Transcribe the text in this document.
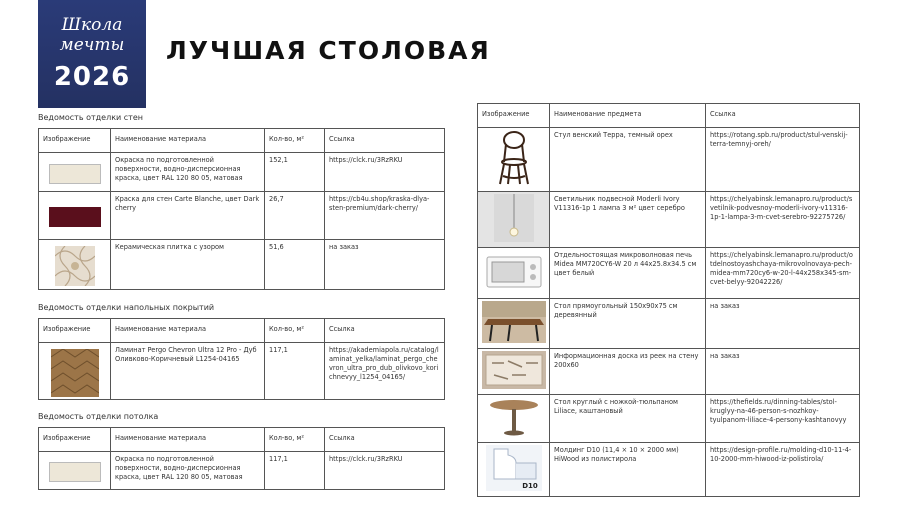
Школа
мечты
2026
ЛУЧШАЯ СТОЛОВАЯ
Ведомость отделки стен
Изображение	Наименование материала	Кол-во, м²	Ссылка

	Окраска по подготовленной поверхности, водно-дисперсионная краска, цвет RAL 120 80 05, матовая	152,1	https://clck.ru/3RzRKU

	Краска для стен Carte Blanche, цвет Dark cherry	26,7	https://cb4u.shop/kraska-dlya-sten-premium/dark-cherry/

	Керамическая плитка с узором	51,6	на заказ
Ведомость отделки напольных покрытий
Изображение	Наименование материала	Кол-во, м²	Ссылка

	Ламинат Pergo Chevron Ultra 12 Pro - Дуб Оливково-Коричневый L1254-04165	117,1	https://akademiapola.ru/catalog/laminat_yelka/laminat_pergo_chevron_ultra_pro_dub_olivkovo_korichnevyy_l1254_04165/
Ведомость отделки потолка
Изображение	Наименование материала	Кол-во, м²	Ссылка

	Окраска по подготовленной поверхности, водно-дисперсионная краска, цвет RAL 120 80 05, матовая	117,1	https://clck.ru/3RzRKU
Изображение	Наименование предмета	Ссылка
	Стул венский Терра, темный орех	https://rotang.spb.ru/product/stul-venskij-terra-temnyj-oreh/
	Светильник подвесной Moderli Ivory V11316-1p 1 лампа 3 м² цвет серебро	https://chelyabinsk.lemanapro.ru/product/svetilnik-podvesnoy-moderli-ivory-v11316-1p-1-lampa-3-m-cvet-serebro-92275726/
	Отдельностоящая микроволновая печь Midea MM720CY6-W 20 л 44x25.8x34.5 см цвет белый	https://chelyabinsk.lemanapro.ru/product/otdelnostoyashchaya-mikrovolnovaya-pech-midea-mm720cy6-w-20-l-44x258x345-sm-cvet-belyy-92042226/
	Стол прямоугольный 150x90x75 см деревянный	на заказ
	Информационная доска из реек на стену 200x60	на заказ
	Стол круглый с ножкой-тюльпаном Liliace, каштановый	https://thefields.ru/dinning-tables/stol-kruglyy-na-46-person-s-nozhkoy-tyulpanom-liliace-4-persony-kashtanovyy

D10	Молдинг D10 (11,4 × 10 × 2000 мм) HiWood из полистирола	https://design-profile.ru/molding-d10-11-4-10-2000-mm-hiwood-iz-polistirola/
